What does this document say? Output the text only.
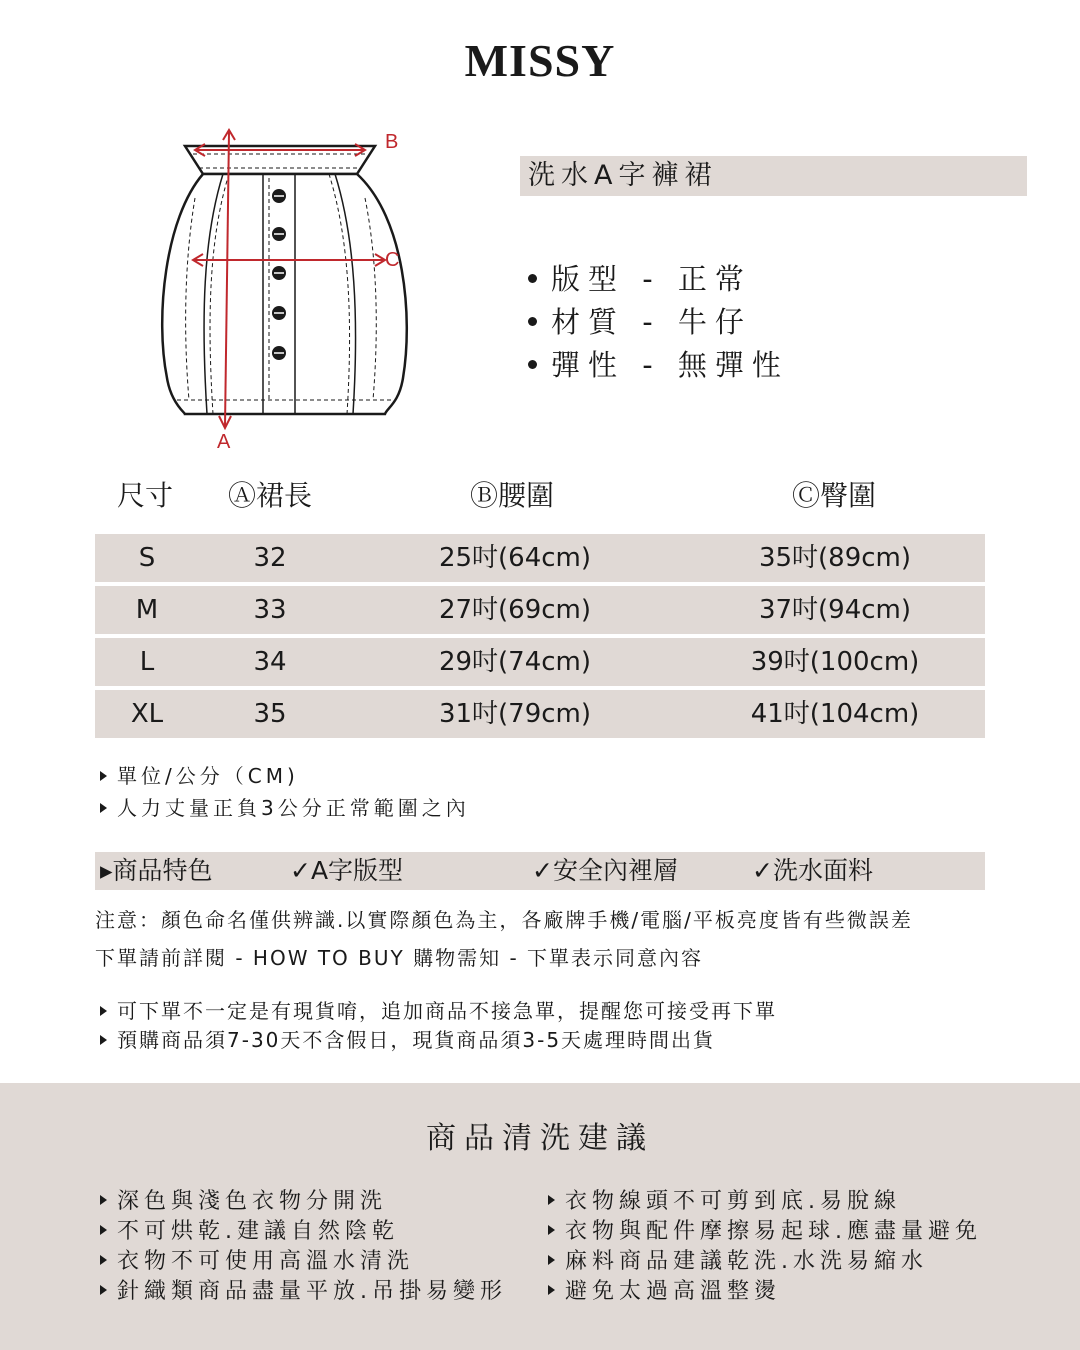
MISSY
B
C
A
洗水A字褲裙
版型 - 正常
材質 - 牛仔
彈性 - 無彈性
尺寸 Ⓐ裙長	Ⓑ腰圍	Ⓒ臀圍
S	32	25吋(64cm)	35吋(89cm)
M	33	27吋(69cm)	37吋(94cm)
L	34	29吋(74cm)	39吋(100cm)
XL	35	31吋(79cm)	41吋(104cm)
單位/公分（CM)
人力丈量正負3公分正常範圍之內
▸商品特色	✓A字版型	✓安全內裡層	✓洗水面料
注意：顏色命名僅供辨識.以實際顏色為主，各廠牌手機/電腦/平板亮度皆有些微誤差
下單請前詳閱 - HOW TO BUY 購物需知 - 下單表示同意內容
可下單不一定是有現貨唷，追加商品不接急單，提醒您可接受再下單
預購商品須7-30天不含假日，現貨商品須3-5天處理時間出貨
商品清洗建議
深色與淺色衣物分開洗
不可烘乾.建議自然陰乾
衣物不可使用高溫水清洗
針織類商品盡量平放.吊掛易變形
衣物線頭不可剪到底.易脫線
衣物與配件摩擦易起球.應盡量避免
麻料商品建議乾洗.水洗易縮水
避免太過高溫整燙
